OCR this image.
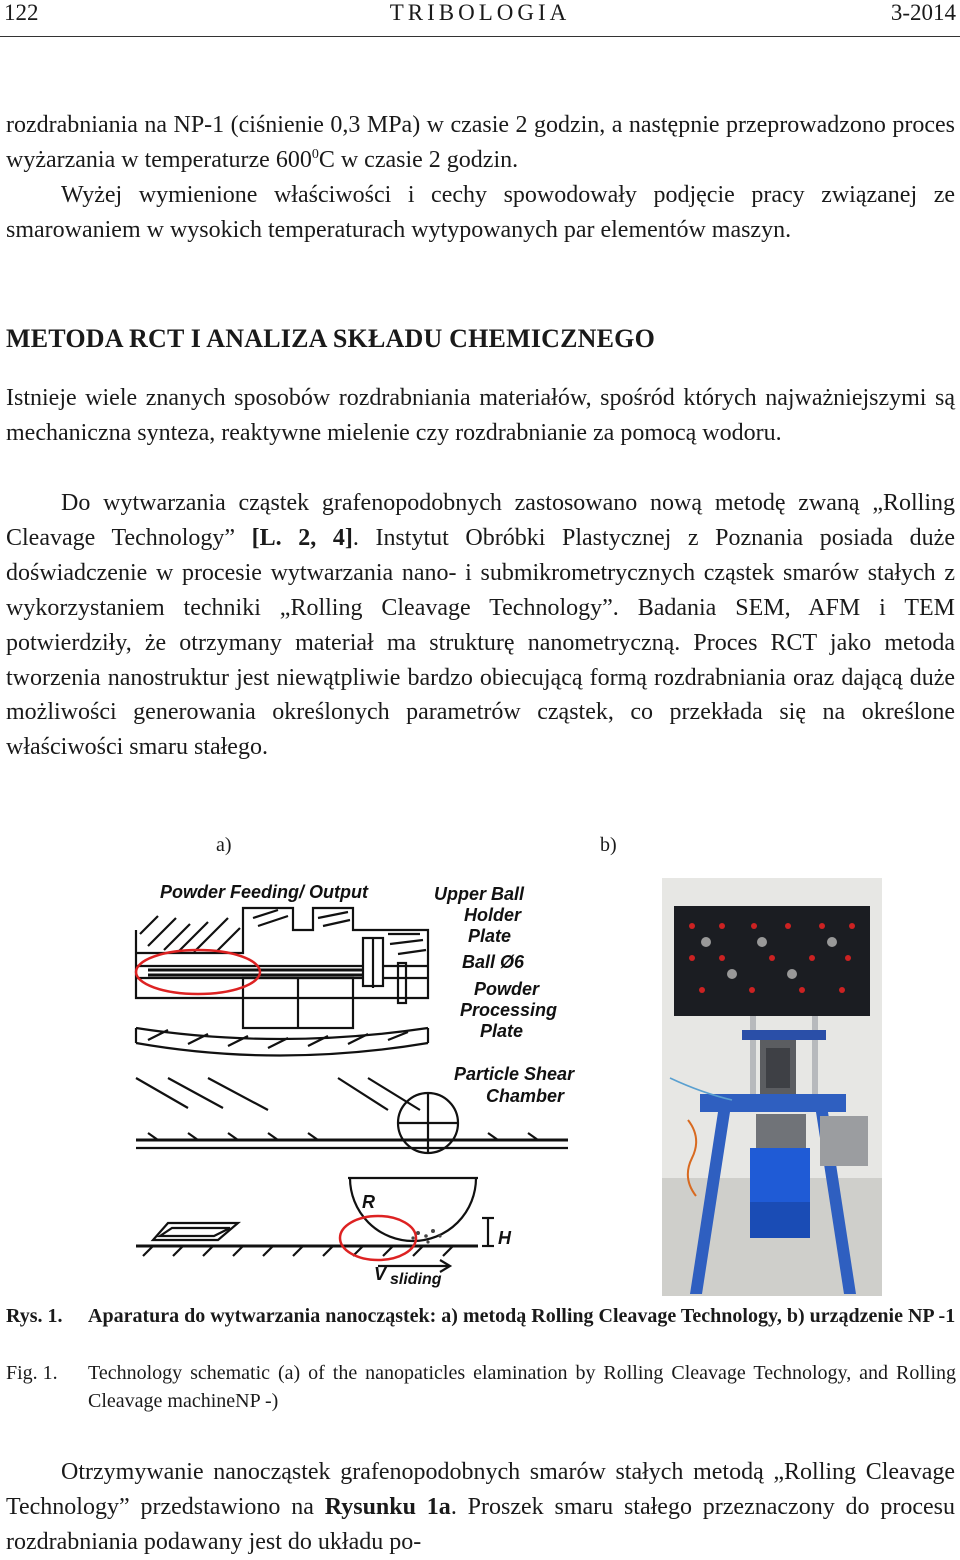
122	TRIBOLOGIA	3-2014

rozdrabniania na NP-1 (ciśnienie 0,3 MPa) w czasie 2 godzin, a następnie przeprowadzono proces wyżarzania w temperaturze $600^0C$ w czasie 2 godzin.

Wyżej wymienione właściwości i cechy spowodowały podjęcie pracy związanej ze smarowaniem w wysokich temperaturach wytypowanych par elementów maszyn.

METODA RCT I ANALIZA SKŁADU CHEMICZNEGO

Istnieje wiele znanych sposobów rozdrabniania materiałów, spośród których najważniejszymi są mechaniczna synteza, reaktywne mielenie czy rozdrabnianie za pomocą wodoru.

Do wytwarzania cząstek grafenopodobnych zastosowano nową metodę zwaną „Rolling Cleavage Technology” [L. 2, 4]. Instytut Obróbki Plastycznej z Poznania posiada duże doświadczenie w procesie wytwarzania nano- i submikrometrycznych cząstek smarów stałych z wykorzystaniem techniki „Rolling Cleavage Technology”. Badania SEM, AFM i TEM potwierdziły, że otrzymany materiał ma strukturę nanometryczną. Proces RCT jako metoda tworzenia nanostruktur jest niewątpliwie bardzo obiecującą formą rozdrabniania oraz dającą duże możliwości generowania określonych parametrów cząstek, co przekłada się na określone właściwości smaru stałego.

a)	b)
Powder Feeding/ Output	Upper Ball
Holder
Plate
Ball Ø6
Powder
Processing
Plate
Particle Shear
Chamber
R
H
V sliding
Rys. 1. Aparatura do wytwarzania nanocząstek: a) metodą Rolling Cleavage Technology, b) urządzenie NP -1
Fig. 1. Technology schematic (a) of the nanopaticles elamination by Rolling Cleavage Technology, and Rolling Cleavage machineNP -)

Otrzymywanie nanocząstek grafenopodobnych smarów stałych metodą „Rolling Cleavage Technology” przedstawiono na Rysunku 1a. Proszek smaru stałego przeznaczony do procesu rozdrabniania podawany jest do układu po-
